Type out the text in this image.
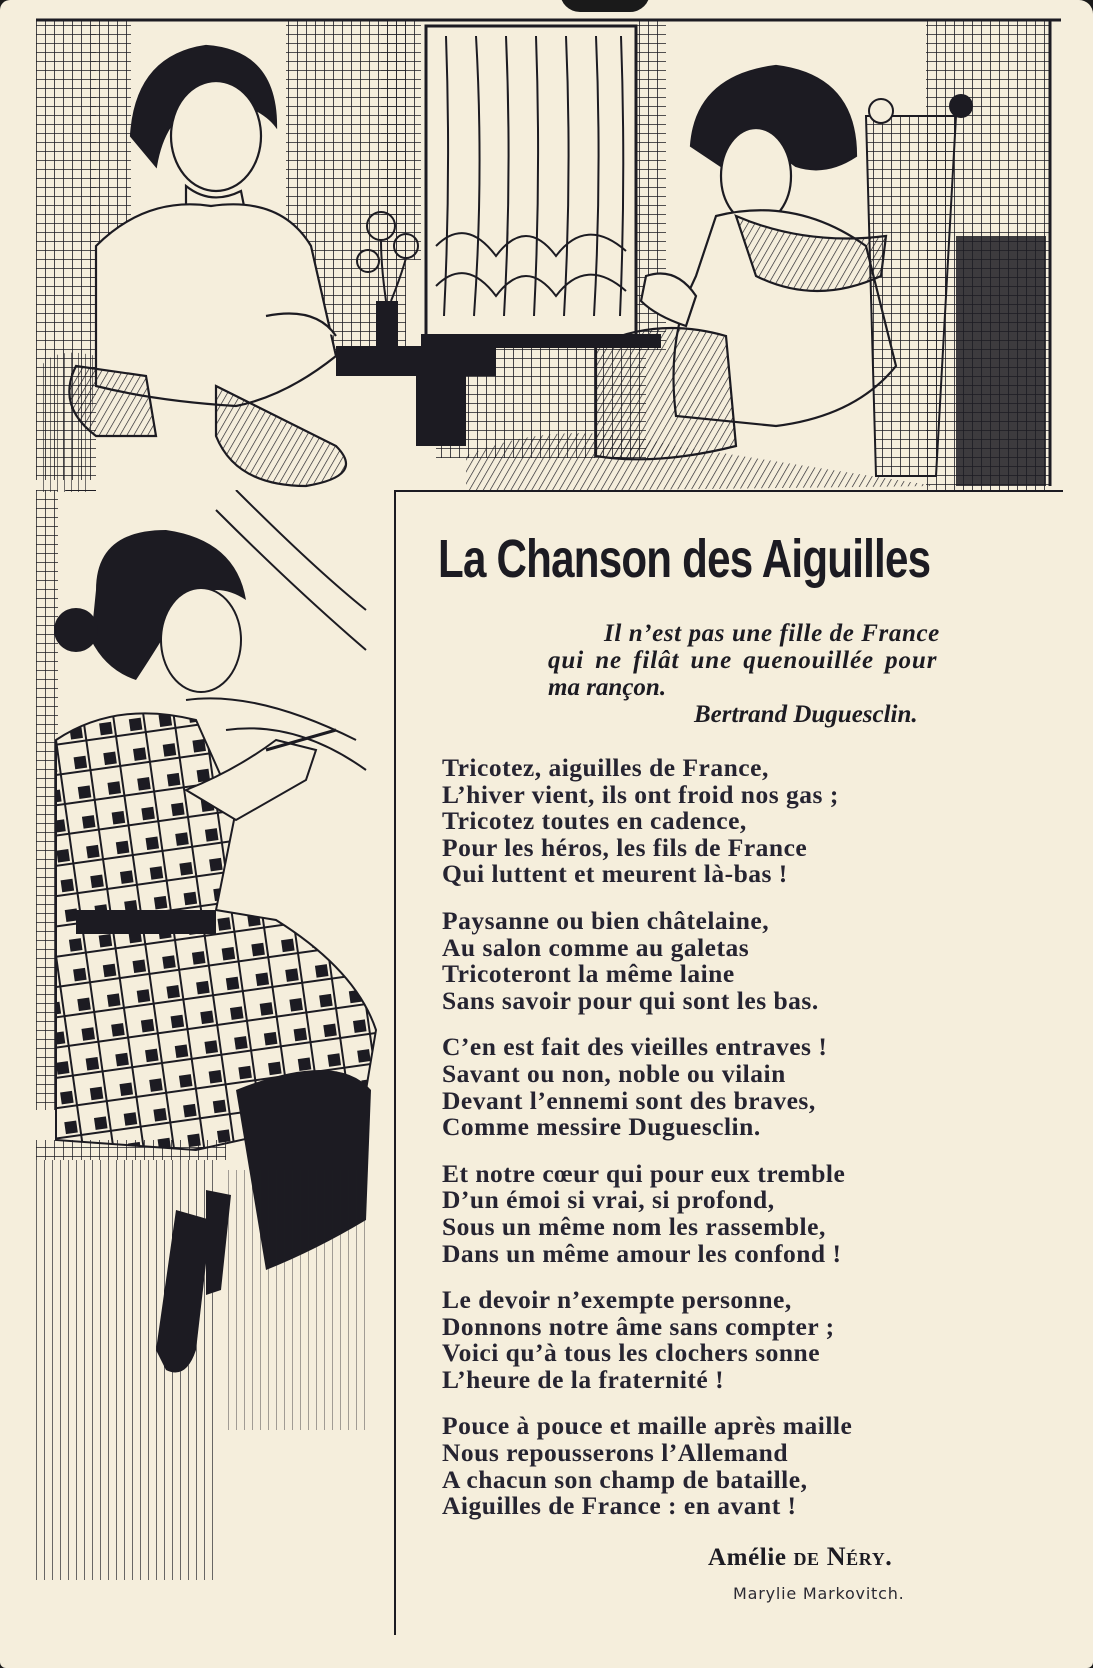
La Chanson des Aiguilles
Il n’est pas une fille de France
qui ne filât une quenouillée pour
ma rançon.
Bertrand Duguesclin.
Tricotez, aiguilles de France,
L’hiver vient, ils ont froid nos gas ;
Tricotez toutes en cadence,
Pour les héros, les fils de France
Qui luttent et meurent là-bas !
Paysanne ou bien châtelaine,
Au salon comme au galetas
Tricoteront la même laine
Sans savoir pour qui sont les bas.
C’en est fait des vieilles entraves !
Savant ou non, noble ou vilain
Devant l’ennemi sont des braves,
Comme messire Duguesclin.
Et notre cœur qui pour eux tremble
D’un émoi si vrai, si profond,
Sous un même nom les rassemble,
Dans un même amour les confond !
Le devoir n’exempte personne,
Donnons notre âme sans compter ;
Voici qu’à tous les clochers sonne
L’heure de la fraternité !
Pouce à pouce et maille après maille
Nous repousserons l’Allemand
A chacun son champ de bataille,
Aiguilles de France : en avant !
Amélie de Néry.
Marylie Markovitch.
